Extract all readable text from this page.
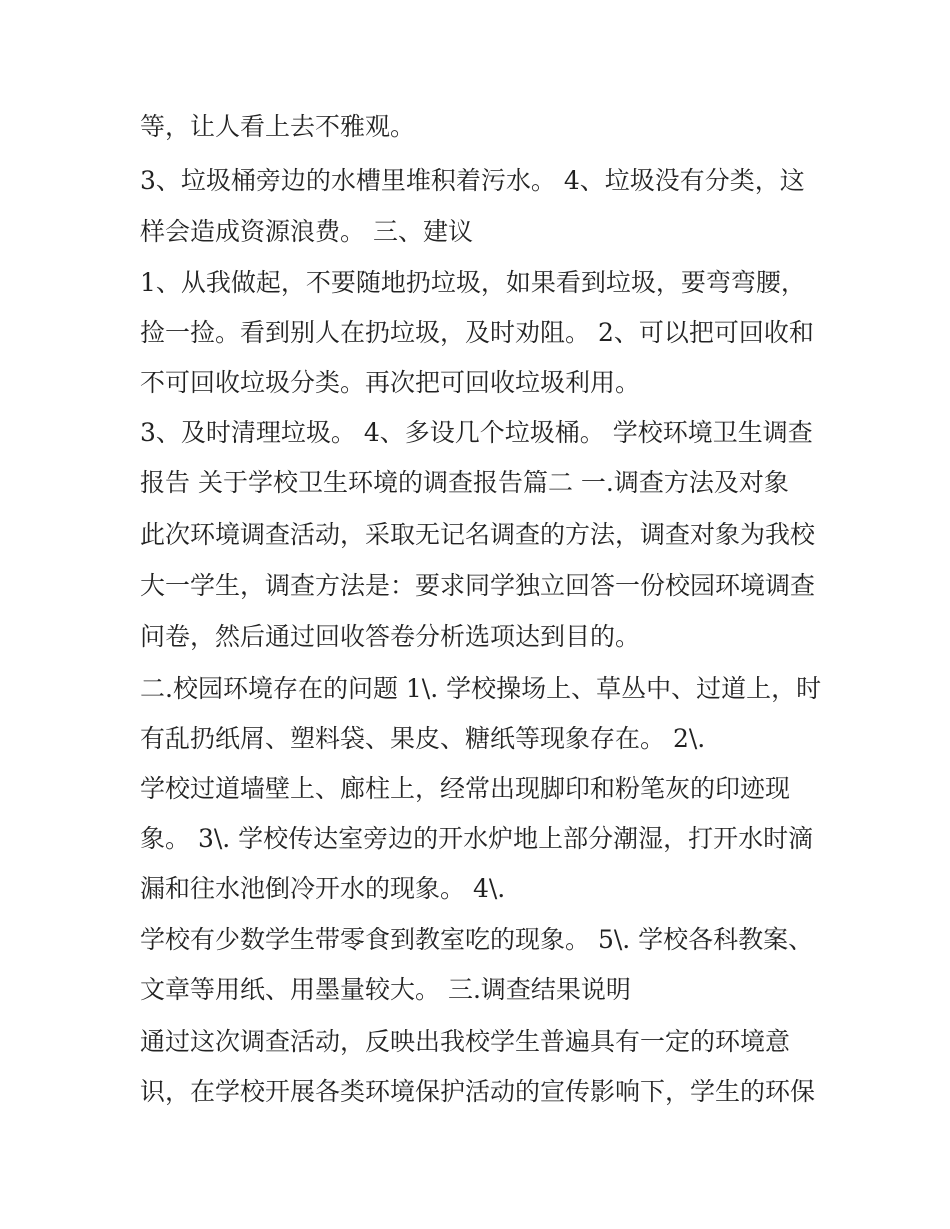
等，让人看上去不雅观。
3、垃圾桶旁边的水槽里堆积着污水。 4、垃圾没有分类，这
样会造成资源浪费。 三、建议
1、从我做起，不要随地扔垃圾，如果看到垃圾，要弯弯腰，
捡一捡。看到别人在扔垃圾，及时劝阻。 2、可以把可回收和
不可回收垃圾分类。再次把可回收垃圾利用。
3、及时清理垃圾。 4、多设几个垃圾桶。 学校环境卫生调查
报告 关于学校卫生环境的调查报告篇二 一.调查方法及对象
此次环境调查活动，采取无记名调查的方法，调查对象为我校
大一学生，调查方法是：要求同学独立回答一份校园环境调查
问卷，然后通过回收答卷分析选项达到目的。
二.校园环境存在的问题 1\. 学校操场上、草丛中、过道上，时
有乱扔纸屑、塑料袋、果皮、糖纸等现象存在。 2\.
学校过道墙壁上、廊柱上，经常出现脚印和粉笔灰的印迹现
象。 3\. 学校传达室旁边的开水炉地上部分潮湿，打开水时滴
漏和往水池倒冷开水的现象。 4\.
学校有少数学生带零食到教室吃的现象。 5\. 学校各科教案、
文章等用纸、用墨量较大。 三.调查结果说明
通过这次调查活动，反映出我校学生普遍具有一定的环境意
识，在学校开展各类环境保护活动的宣传影响下，学生的环保
